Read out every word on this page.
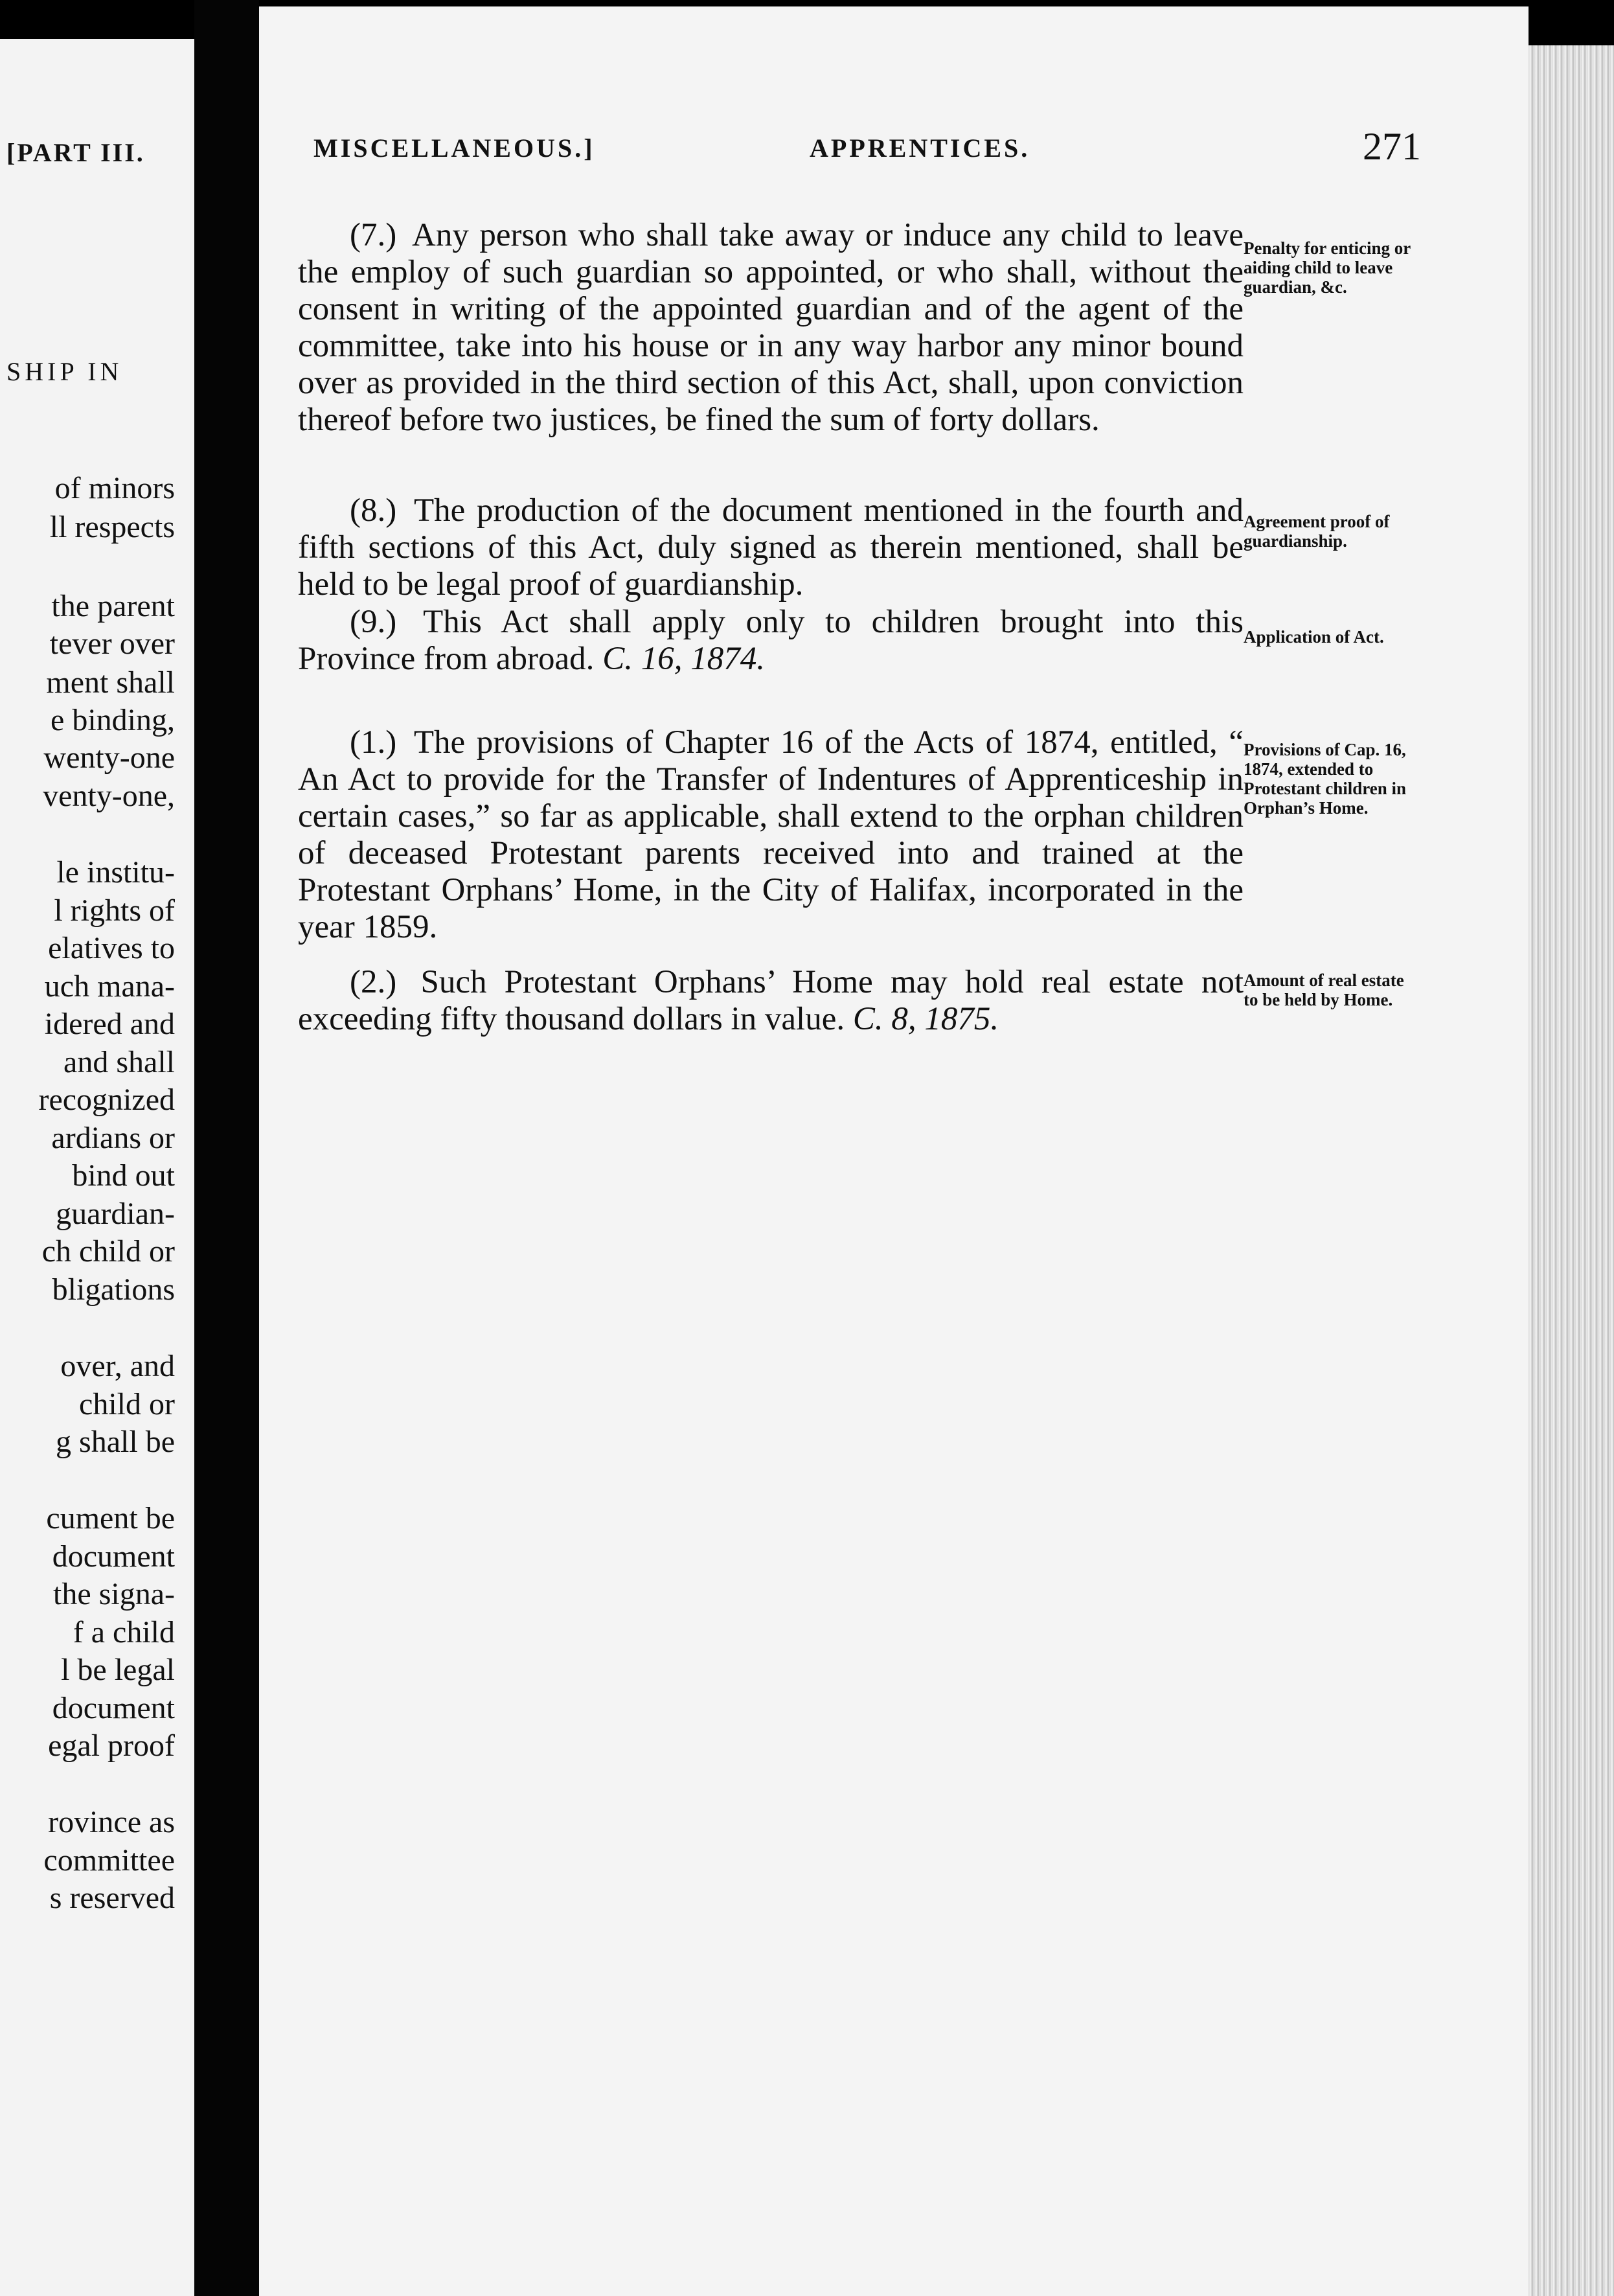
[PART III.
SHIP IN
of minors
ll respects
the parent
tever over
ment shall
e binding,
wenty-one
venty-one,
le institu-
l rights of
elatives to
uch mana-
idered and
and shall
recognized
ardians or
bind out
guardian-
ch child or
bligations
over, and
child or
g shall be
cument be
document
the signa-
f a child
l be legal
document
egal proof
rovince as
committee
s reserved
MISCELLANEOUS.]	APPRENTICES.	271
(7.) Any person who shall take away or induce any child to leave the employ of such guardian so appointed, or who shall, without the consent in writing of the appointed guardian and of the agent of the committee, take into his house or in any way harbor any minor bound over as provided in the third section of this Act, shall, upon conviction thereof before two justices, be fined the sum of forty dollars.
(8.) The production of the document mentioned in the fourth and fifth sections of this Act, duly signed as therein mentioned, shall be held to be legal proof of guardianship.
(9.) This Act shall apply only to children brought into this Province from abroad. C. 16, 1874.
(1.) The provisions of Chapter 16 of the Acts of 1874, entitled, “ An Act to provide for the Transfer of Indentures of Apprenticeship in certain cases,” so far as applicable, shall extend to the orphan children of deceased Protestant parents received into and trained at the Protestant Orphans’ Home, in the City of Halifax, incorporated in the year 1859.
(2.) Such Protestant Orphans’ Home may hold real estate not exceeding fifty thousand dollars in value. C. 8, 1875.
Penalty for enticing or aiding child to leave guardian, &c.
Agreement proof of guardianship.
Application of Act.
Provisions of Cap. 16, 1874, extended to Protestant children in Orphan’s Home.
Amount of real estate to be held by Home.
